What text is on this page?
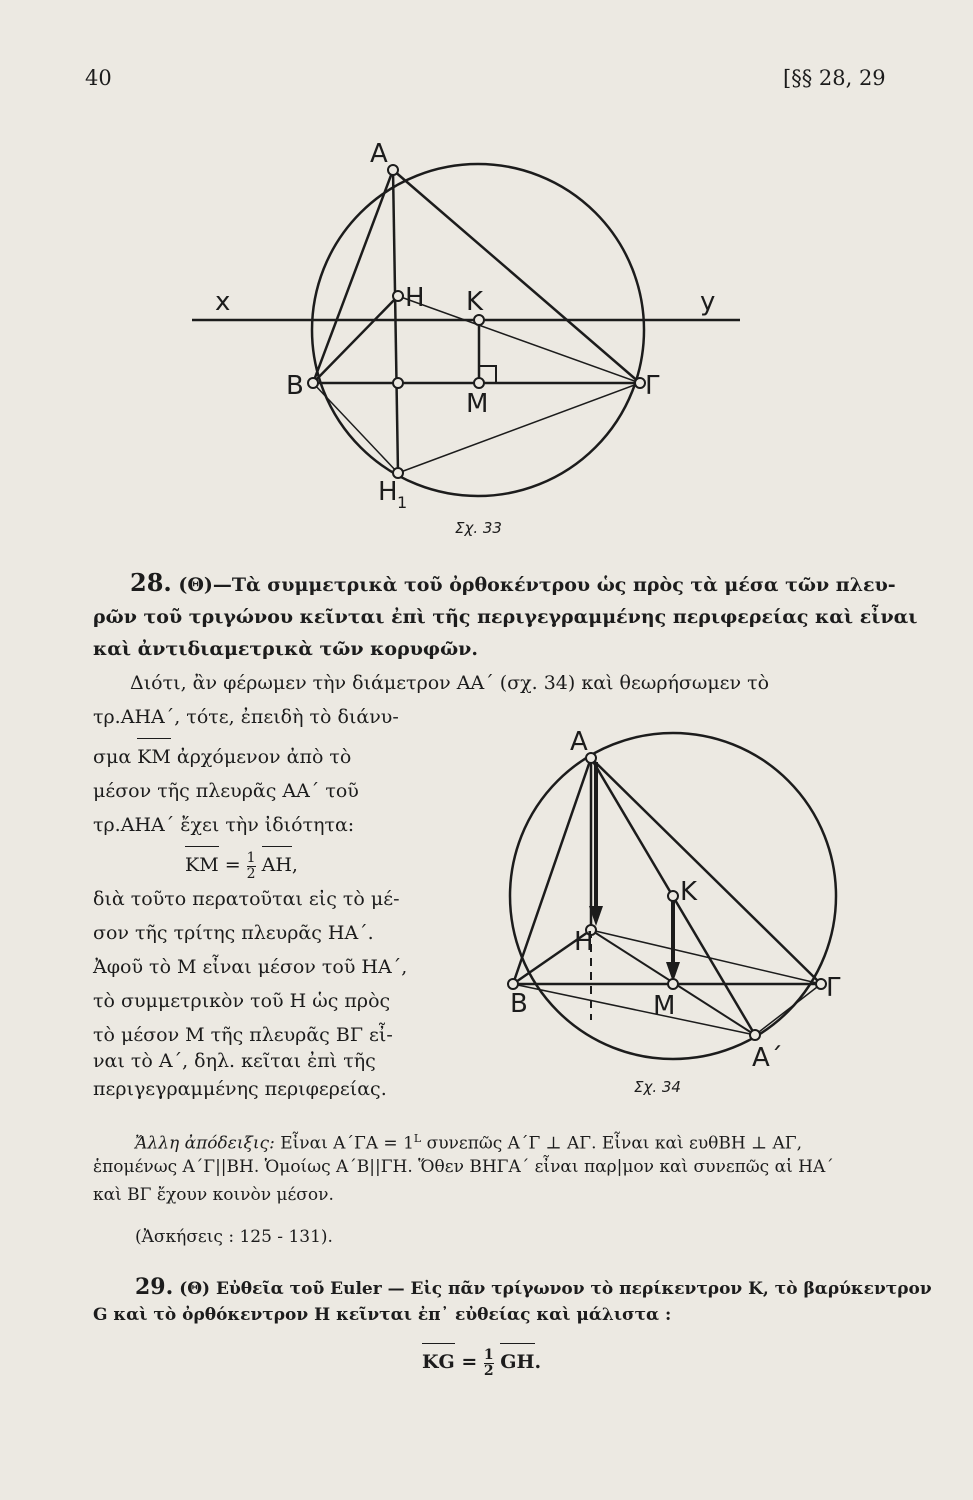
40	[§§ 28, 29
A
H K
x	y
B	Γ
M
H 1
Σχ. 33
28. (Θ)—Τὰ συμμετρικὰ τοῦ ὀρθοκέντρου ὡς πρὸς τὰ μέσα τῶν πλευ-
ρῶν τοῦ τριγώνου κεῖνται ἐπὶ τῆς περιγεγραμμένης περιφερείας καὶ εἶναι
καὶ ἀντιδιαμετρικὰ τῶν κορυφῶν.
Διότι, ἂν φέρωμεν τὴν διάμετρον ΑΑ΄ (σχ. 34) καὶ θεωρήσωμεν τὸ
τρ.ΑΗΑ΄, τότε, ἐπειδὴ τὸ διάνυ-
σμα ΚΜ ἀρχόμενον ἀπὸ τὸ
μέσον τῆς πλευρᾶς ΑΑ΄ τοῦ
τρ.ΑΗΑ΄ ἔχει τὴν ἰδιότητα:
$KM = \frac{1}{2}$
ΑΗ,
διὰ τοῦτο περατοῦται εἰς τὸ μέ-
σον τῆς τρίτης πλευρᾶς ΗΑ΄.
Ἀφοῦ τὸ Μ εἶναι μέσον τοῦ ΗΑ΄,
τὸ συμμετρικὸν τοῦ Η ὡς πρὸς
τὸ μέσον Μ τῆς πλευρᾶς ΒΓ εἶ-
ναι τὸ Α΄, δηλ. κεῖται ἐπὶ τῆς
περιγεγραμμένης περιφερείας.
A
K
H
B	M
Γ
A΄
Σχ. 34
Ἄλλη ἀπόδειξις: Εἶναι $A΄\Gamma A = 1^L$ συνεπῶς Α΄Γ ⊥ ΑΓ. Εἶναι καὶ ευθΒΗ ⊥ ΑΓ,
ἑπομένως Α΄Γ||ΒΗ. Ὁμοίως Α΄Β||ΓΗ. Ὅθεν ΒΗΓΑ΄ εἶναι παρ|μον καὶ συνεπῶς αἱ ΗΑ΄
καὶ ΒΓ ἔχουν κοινὸν μέσον.
(Ἀσκήσεις : 125 - 131).
29. (Θ) Εὐθεῖα τοῦ Euler — Εἰς πᾶν τρίγωνον τὸ περίκεντρον Κ, τὸ βαρύκεντρον
G καὶ τὸ ὀρθόκεντρον Η κεῖνται ἐπ᾽ εὐθείας καὶ μάλιστα :
KG = $\frac{1}{2}$
GH.
